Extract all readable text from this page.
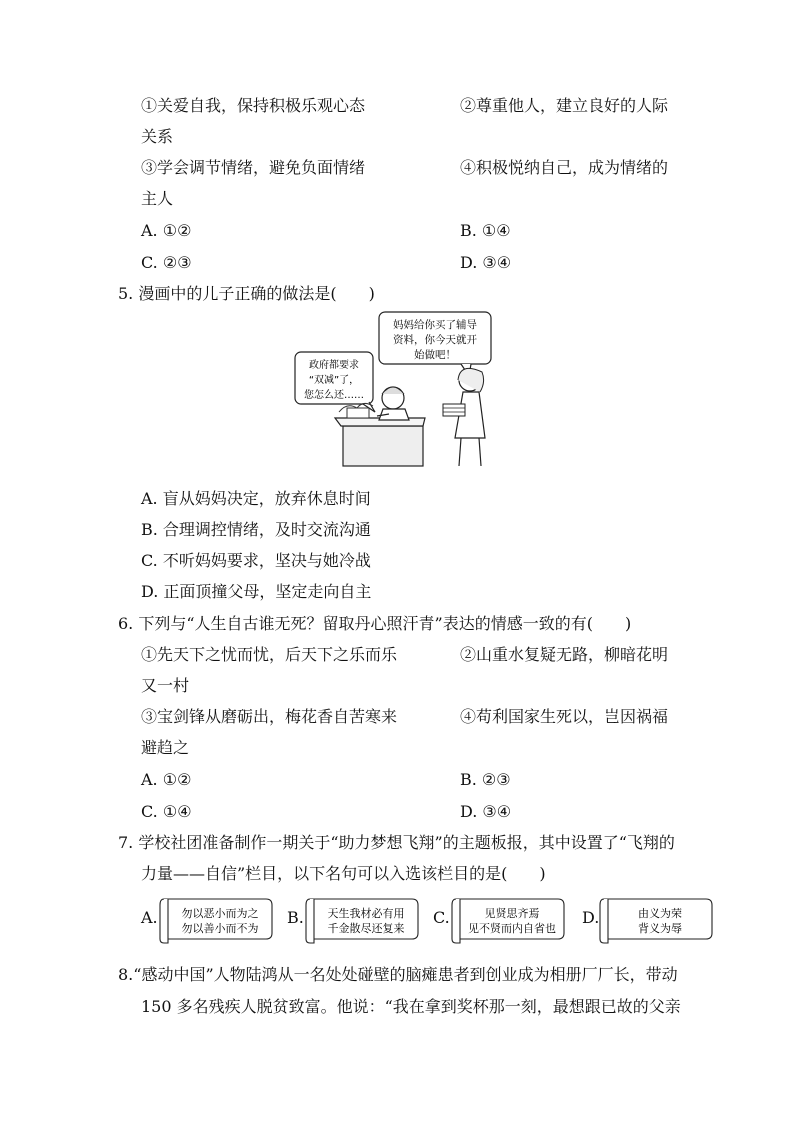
①关爱自我，保持积极乐观心态	②尊重他人，建立良好的人际
关系
③学会调节情绪，避免负面情绪	④积极悦纳自己，成为情绪的
主人
A. ①②	B. ①④
C. ②③	D. ③④
5. 漫画中的儿子正确的做法是(　　)
妈妈给你买了辅导
资料，你今天就开
始做吧！
政府都要求
“双减”了，
您怎么还……
A. 盲从妈妈决定，放弃休息时间
B. 合理调控情绪，及时交流沟通
C. 不听妈妈要求，坚决与她冷战
D. 正面顶撞父母，坚定走向自主
6. 下列与“人生自古谁无死？留取丹心照汗青”表达的情感一致的有(　　)
①先天下之忧而忧，后天下之乐而乐	②山重水复疑无路，柳暗花明
又一村
③宝剑锋从磨砺出，梅花香自苦寒来	④苟利国家生死以，岂因祸福
避趋之
A. ①②	B. ②③
C. ①④	D. ③④
7. 学校社团准备制作一期关于“助力梦想飞翔”的主题板报，其中设置了“飞翔的
力量——自信”栏目，以下名句可以入选该栏目的是(　　)
A. 勿以恶小而为之
勿以善小而不为
B. 天生我材必有用
千金散尽还复来
C.	见贤思齐焉
见不贤而内自省也
D.	由义为荣
背义为辱
8.“感动中国”人物陆鸿从一名处处碰壁的脑瘫患者到创业成为相册厂厂长，带动
150 多名残疾人脱贫致富。他说：“我在拿到奖杯那一刻，最想跟已故的父亲
